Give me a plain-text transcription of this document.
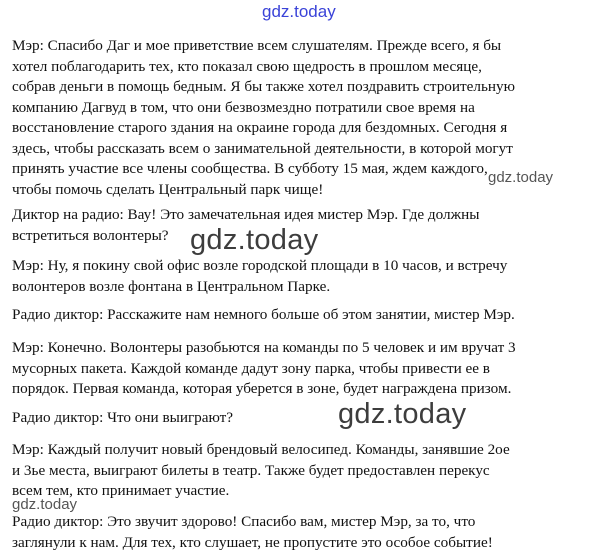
Мэр: Спасибо Даг и мое приветствие всем слушателям. Прежде всего, я бы
хотел поблагодарить тех, кто показал свою щедрость в прошлом месяце,
собрав деньги в помощь бедным. Я бы также хотел поздравить строительную
компанию Дагвуд в том, что они безвозмездно потратили свое время на
восстановление старого здания на окраине города для бездомных. Сегодня я
здесь, чтобы рассказать всем о занимательной деятельности, в которой могут
принять участие все члены сообщества. В субботу 15 мая, ждем каждого,
чтобы помочь сделать Центральный парк чище!

Диктор на радио: Вау! Это замечательная идея мистер Мэр. Где должны
встретиться волонтеры?

Мэр: Ну, я покину свой офис возле городской площади в 10 часов, и встречу
волонтеров возле фонтана в Центральном Парке.

Радио диктор: Расскажите нам немного больше об этом занятии, мистер Мэр.

Мэр: Конечно. Волонтеры разобьются на команды по 5 человек и им вручат 3
мусорных пакета. Каждой команде дадут зону парка, чтобы привести ее в
порядок. Первая команда, которая уберется в зоне, будет награждена призом.

Радио диктор: Что они выиграют?

Мэр: Каждый получит новый брендовый велосипед. Команды, занявшие 2ое
и 3ье места, выиграют билеты в театр. Также будет предоставлен перекус
всем тем, кто принимает участие.

Радио диктор: Это звучит здорово! Спасибо вам, мистер Мэр, за то, что
заглянули к нам. Для тех, кто слушает, не пропустите это особое событие!

gdz.today
gdz.today
gdz.today
gdz.today
gdz.today
